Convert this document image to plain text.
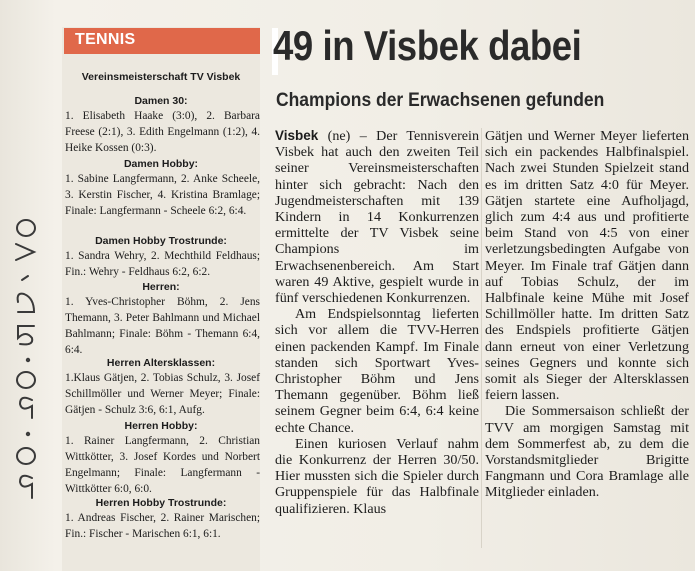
TENNIS
Vereinsmeisterschaft TV Visbek
Damen 30:
1. Elisabeth Haake (3:0), 2. Barbara Freese (2:1), 3. Edith Engelmann (1:2), 4. Heike Kossen (0:3).
Damen Hobby:
1. Sabine Langfermann, 2. Anke Scheele, 3. Kerstin Fischer, 4. Kristina Bramlage; Finale: Langfermann - Scheele 6:2, 6:4.
Damen Hobby Trostrunde:
1. Sandra Wehry, 2. Mechthild Feldhaus; Fin.: Wehry - Feldhaus 6:2, 6:2.
Herren:
1. Yves-Christopher Böhm, 2. Jens Themann, 3. Peter Bahlmann und Michael Bahlmann; Finale: Böhm - Themann 6:4, 6:4.
Herren Altersklassen:
1.Klaus Gätjen, 2. Tobias Schulz, 3. Josef Schillmöller und Werner Meyer; Finale: Gätjen - Schulz 3:6, 6:1, Aufg.
Herren Hobby:
1. Rainer Langfermann, 2. Christian Wittkötter, 3. Josef Kordes und Norbert Engelmann; Finale: Langfermann - Wittkötter 6:0, 6:0.
Herren Hobby Trostrunde:
1. Andreas Fischer, 2. Rainer Marischen; Fin.: Fischer - Marischen 6:1, 6:1.
49 in Visbek dabei
Champions der Erwachsenen gefunden

Visbek (ne) – Der Tennisverein Visbek hat auch den zweiten Teil seiner Vereinsmeisterschaften hinter sich gebracht: Nach den Jugendmeisterschaften mit 139 Kindern in 14 Konkurrenzen ermittelte der TV Visbek seine Champions im Erwachsenenbereich. Am Start waren 49 Aktive, gespielt wurde in fünf verschiedenen Konkurrenzen.

Am Endspielsonntag lieferten sich vor allem die TVV-Herren einen packenden Kampf. Im Finale standen sich Sportwart Yves-Christopher Böhm und Jens Themann gegenüber. Böhm ließ seinem Gegner beim 6:4, 6:4 keine echte Chance.

Einen kuriosen Verlauf nahm die Konkurrenz der Herren 30/50. Hier mussten sich die Spieler durch Gruppenspiele für das Halbfinale qualifizieren. Klaus

Gätjen und Werner Meyer lieferten sich ein packendes Halbfinalspiel. Nach zwei Stunden Spielzeit stand es im dritten Satz 4:0 für Meyer. Gätjen startete eine Aufholjagd, glich zum 4:4 aus und profitierte beim Stand von 4:5 von einer verletzungsbedingten Aufgabe von Meyer. Im Finale traf Gätjen dann auf Tobias Schulz, der im Halbfinale keine Mühe mit Josef Schillmöller hatte. Im dritten Satz des Endspiels profitierte Gätjen dann erneut von einer Verletzung seines Gegners und konnte sich somit als Sieger der Altersklassen feiern lassen.

Die Sommersaison schließt der TVV am morgigen Samstag mit dem Sommerfest ab, zu dem die Vorstandsmitglieder Brigitte Fangmann und Cora Bramlage alle Mitglieder einladen.
